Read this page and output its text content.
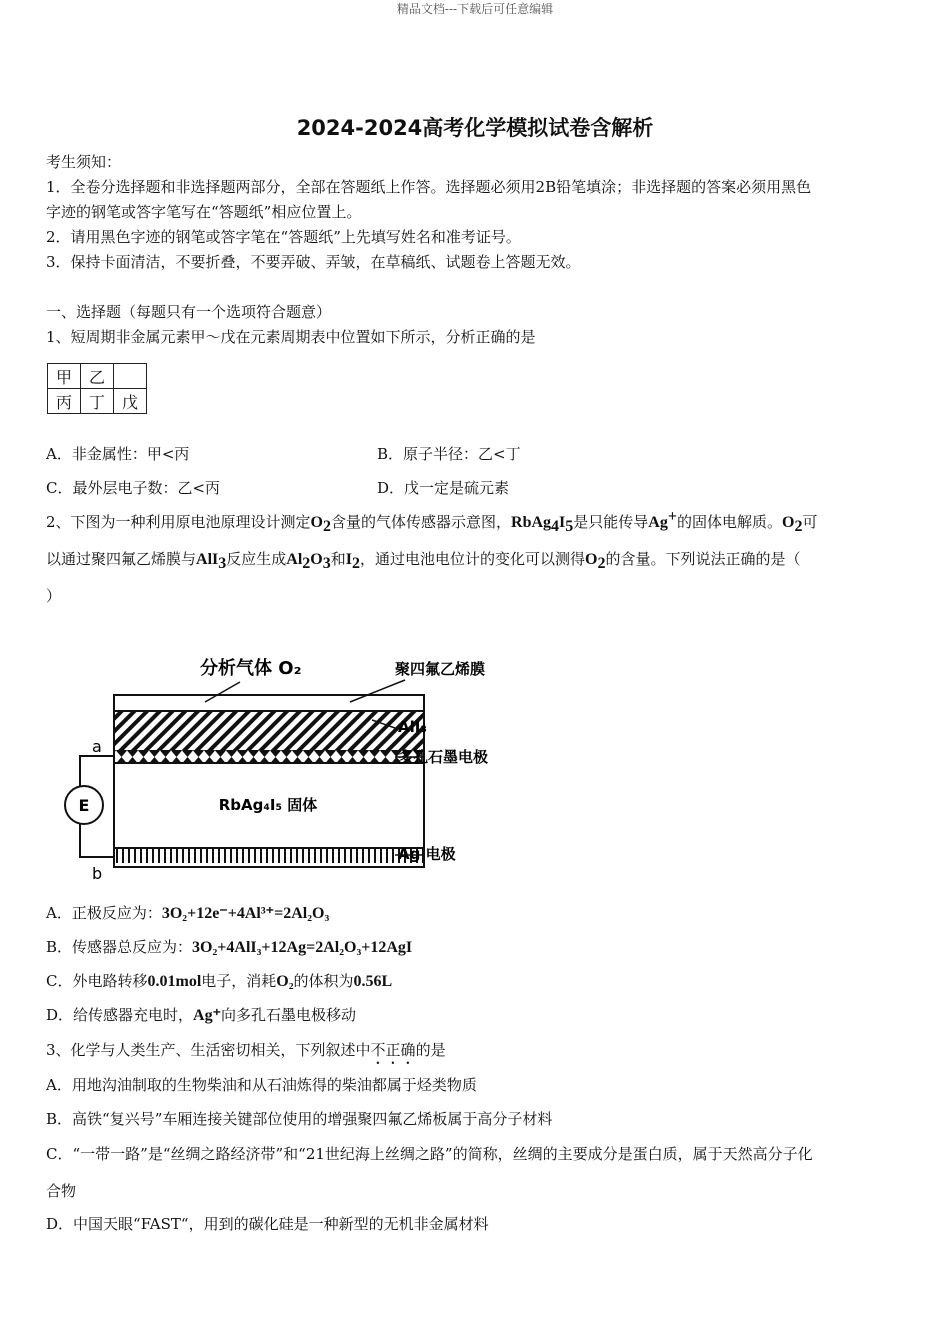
精品文档---下载后可任意编辑
2024-2024高考化学模拟试卷含解析
考生须知：
1．全卷分选择题和非选择题两部分，全部在答题纸上作答。选择题必须用2B铅笔填涂；非选择题的答案必须用黑色
字迹的钢笔或答字笔写在“答题纸”相应位置上。
2．请用黑色字迹的钢笔或答字笔在“答题纸”上先填写姓名和准考证号。
3．保持卡面清洁，不要折叠，不要弄破、弄皱，在草稿纸、试题卷上答题无效。
一、选择题（每题只有一个选项符合题意）
1、短周期非金属元素甲～戊在元素周期表中位置如下所示，分析正确的是
甲	乙	
丙	丁	戊
A．非金属性：甲<丙	B．原子半径：乙<丁
C．最外层电子数：乙<丙	D．戊一定是硫元素
2、下图为一种利用原电池原理设计测定$O_2$含量的气体传感器示意图，$RbAg_4I_5$是只能传导Ag+的固体电解质。$O_2$可
以通过聚四氟乙烯膜与AlI$_3$反应生成$Al_2O_3$和$I_2$，通过电池电位计的变化可以测得$O_2$的含量。下列说法正确的是（
）
E
a
b
RbAg₄I₅ 固体
分析气体 O₂	聚四氟乙烯膜
AlI₃
多孔石墨电极
Ag 电极
A．正极反应为：3O₂+12e⁻+4Al³⁺=2Al₂O₃
B．传感器总反应为：3O₂+4AlI₃+12Ag=2Al₂O₃+12AgI
C．外电路转移0.01mol电子，消耗O₂的体积为0.56L
D．给传感器充电时，Ag⁺向多孔石墨电极移动
3、化学与人类生产、生活密切相关，下列叙述中不正确的是
A．用地沟油制取的生物柴油和从石油炼得的柴油都属于烃类物质
B．高铁“复兴号”车厢连接关键部位使用的增强聚四氟乙烯板属于高分子材料
C．“一带一路”是“丝绸之路经济带”和“21世纪海上丝绸之路”的简称，丝绸的主要成分是蛋白质，属于天然高分子化
合物
D．中国天眼“FAST“，用到的碳化硅是一种新型的无机非金属材料
